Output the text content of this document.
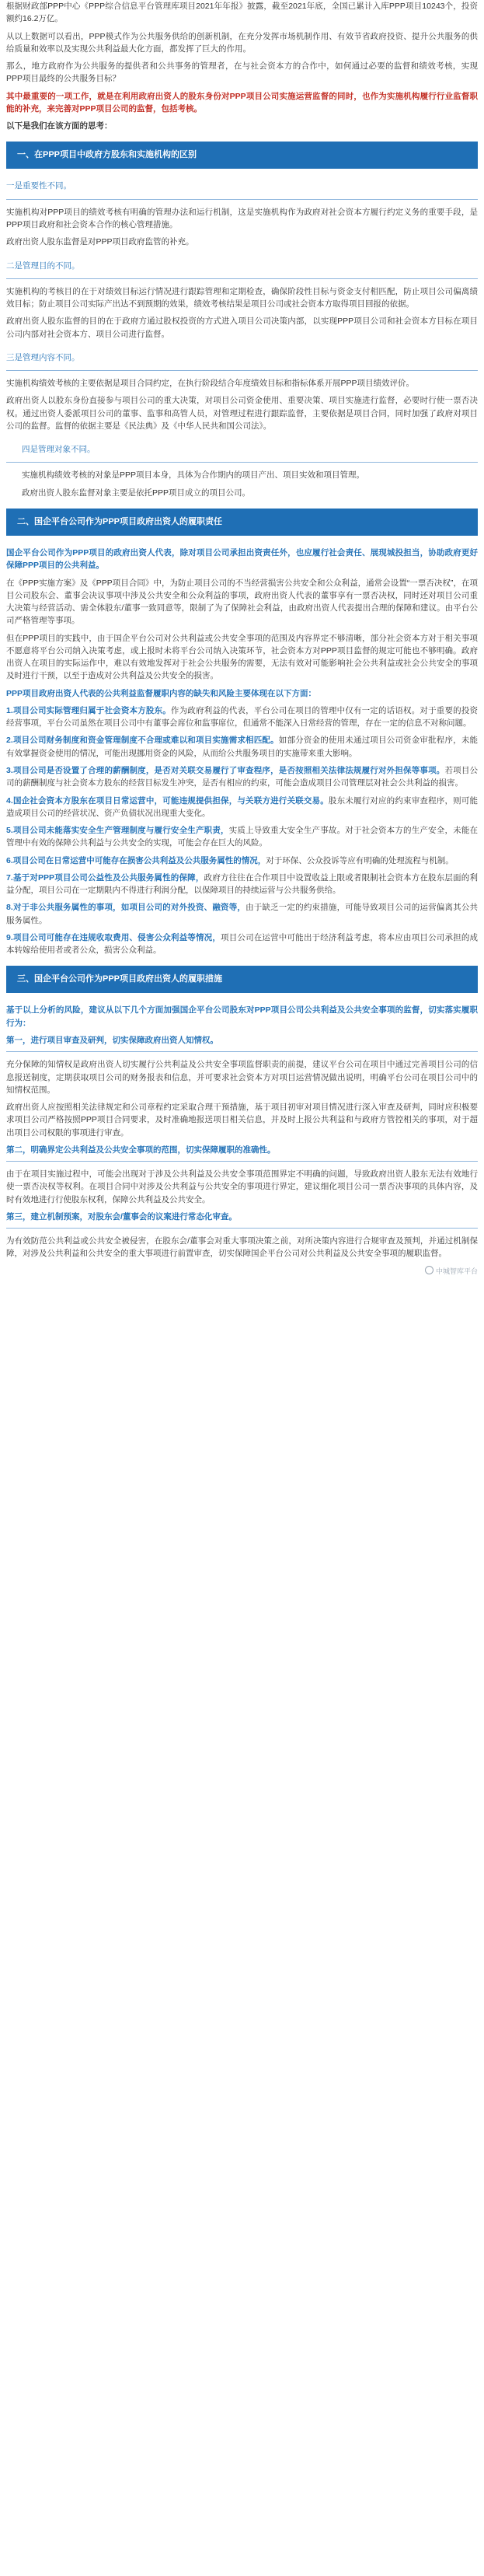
根据财政部PPP中心《PPP综合信息平台管理库项目2021年年报》披露，截至2021年底，全国已累计入库PPP项目10243个，投资额约16.2万亿。

从以上数据可以看出，PPP模式作为公共服务供给的创新机制，在充分发挥市场机制作用、有效节省政府投资、提升公共服务的供给质量和效率以及实现公共利益最大化方面，都发挥了巨大的作用。

那么，地方政府作为公共服务的提供者和公共事务的管理者，在与社会资本方的合作中，如何通过必要的监督和绩效考核，实现PPP项目最终的公共服务目标？

其中最重要的一项工作，就是在利用政府出资人的股东身份对PPP项目公司实施运营监督的同时，也作为实施机构履行行业监督职能的补充，来完善对PPP项目公司的监督，包括考核。

以下是我们在该方面的思考：

一、在PPP项目中政府方股东和实施机构的区别
一是重要性不同。

实施机构对PPP项目的绩效考核有明确的管理办法和运行机制，这是实施机构作为政府对社会资本方履行约定义务的重要手段，是PPP项目政府和社会资本合作的核心管理措施。

政府出资人股东监督是对PPP项目政府监管的补充。

二是管理目的不同。

实施机构的考核目的在于对绩效目标运行情况进行跟踪管理和定期检查，确保阶段性目标与资金支付相匹配，防止项目公司偏离绩效目标；防止项目公司实际产出达不到预期的效果，绩效考核结果是项目公司或社会资本方取得项目回报的依据。

政府出资人股东监督的目的在于政府方通过股权投资的方式进入项目公司决策内部，以实现PPP项目公司和社会资本方目标在项目公司内部对社会资本方、项目公司进行监督。

三是管理内容不同。

实施机构绩效考核的主要依据是项目合同约定，在执行阶段结合年度绩效目标和指标体系开展PPP项目绩效评价。

政府出资人以股东身份直接参与项目公司的重大决策，对项目公司资金使用、重要决策、项目实施进行监督，必要时行使一票否决权。通过出资人委派项目公司的董事、监事和高管人员，对管理过程进行跟踪监督，主要依据是项目合同，同时加强了政府对项目公司的监督。监督的依据主要是《民法典》及《中华人民共和国公司法》。

四是管理对象不同。

实施机构绩效考核的对象是PPP项目本身，具体为合作期内的项目产出、项目实效和项目管理。

政府出资人股东监督对象主要是依托PPP项目成立的项目公司。

二、国企平台公司作为PPP项目政府出资人的履职责任

国企平台公司作为PPP项目的政府出资人代表，除对项目公司承担出资责任外，也应履行社会责任、展现城投担当，协助政府更好保障PPP项目的公共利益。

在《PPP实施方案》及《PPP项目合同》中，为防止项目公司的不当经营损害公共安全和公众利益，通常会设置“一票否决权”，在项目公司股东会、董事会决议事项中涉及公共安全和公众利益的事项，政府出资人代表的董事享有一票否决权，同时还对项目公司重大决策与经营活动、需全体股东/董事一致同意等，限制了为了保障社会利益，由政府出资人代表提出合理的保障和建议。由平台公司严格管理等事项。

但在PPP项目的实践中，由于国企平台公司对公共利益或公共安全事项的范围及内容界定不够清晰，部分社会资本方对于相关事项不愿意将平台公司纳入决策考虑，或上报时未将平台公司纳入决策环节，社会资本方对PPP项目监督的规定可能也不够明确。政府出资人在项目的实际运作中，难以有效地发挥对于社会公共服务的需要，无法有效对可能影响社会公共利益或社会公共安全的事项及时进行干预，以至于造成对公共利益及公共安全的损害。

PPP项目政府出资人代表的公共利益监督履职内容的缺失和风险主要体现在以下方面：

1.项目公司实际管理归属于社会资本方股东。作为政府利益的代表，平台公司在项目的管理中仅有一定的话语权。对于重要的投资经营事项，平台公司虽然在项目公司中有董事会席位和监事席位，但通常不能深入日常经营的管理，存在一定的信息不对称问题。

2.项目公司财务制度和资金管理制度不合理或难以和项目实施需求相匹配。如部分资金的使用未通过项目公司资金审批程序，未能有效掌握资金使用的情况，可能出现挪用资金的风险，从而给公共服务项目的实施带来重大影响。

3.项目公司是否设置了合理的薪酬制度，是否对关联交易履行了审查程序，是否按照相关法律法规履行对外担保等事项。若项目公司的薪酬制度与社会资本方股东的经营目标发生冲突，是否有相应的约束，可能会造成项目公司管理层对社会公共利益的损害。

4.国企社会资本方股东在项目日常运营中，可能违规提供担保，与关联方进行关联交易。股东未履行对应的约束审查程序，则可能造成项目公司的经营状况、资产负债状况出现重大变化。

5.项目公司未能落实安全生产管理制度与履行安全生产职责，实质上导致重大安全生产事故。对于社会资本方的生产安全，未能在管理中有效的保障公共利益与公共安全的实现，可能会存在巨大的风险。

6.项目公司在日常运营中可能存在损害公共利益及公共服务属性的情况，对于环保、公众投诉等应有明确的处理流程与机制。

7.基于对PPP项目公司公益性及公共服务属性的保障，政府方往往在合作项目中设置收益上限或者限制社会资本方在股东层面的利益分配，项目公司在一定期限内不得进行利润分配，以保障项目的持续运营与公共服务供给。

8.对于非公共服务属性的事项，如项目公司的对外投资、融资等，由于缺乏一定的约束措施，可能导致项目公司的运营偏离其公共服务属性。

9.项目公司可能存在违规收取费用、侵害公众利益等情况，项目公司在运营中可能出于经济利益考虑，将本应由项目公司承担的成本转嫁给使用者或者公众，损害公众利益。

三、国企平台公司作为PPP项目政府出资人的履职措施

基于以上分析的风险，建议从以下几个方面加强国企平台公司股东对PPP项目公司公共利益及公共安全事项的监督，切实落实履职行为：

第一，进行项目审查及研判，切实保障政府出资人知情权。

充分保障的知情权是政府出资人切实履行公共利益及公共安全事项监督职责的前提，建议平台公司在项目中通过完善项目公司的信息报送制度，定期获取项目公司的财务报表和信息，并可要求社会资本方对项目运营情况做出说明，明确平台公司在项目公司中的知情权范围。

政府出资人应按照相关法律规定和公司章程约定采取合理干预措施，基于项目初审对项目情况进行深入审查及研判，同时应积极要求项目公司严格按照PPP项目合同要求，及时准确地报送项目相关信息，并及时上报公共利益和与政府方管控相关的事项，对于超出项目公司权限的事项进行审查。

第二，明确界定公共利益及公共安全事项的范围，切实保障履职的准确性。

由于在项目实施过程中，可能会出现对于涉及公共利益及公共安全事项范围界定不明确的问题，导致政府出资人股东无法有效地行使一票否决权等权利。在项目合同中对涉及公共利益与公共安全的事项进行界定，建议细化项目公司一票否决事项的具体内容，及时有效地进行行使股东权利，保障公共利益及公共安全。

第三，建立机制预案，对股东会/董事会的议案进行常态化审查。

为有效防范公共利益或公共安全被侵害，在股东会/董事会对重大事项决策之前，对所决策内容进行合规审查及预判，并通过机制保障，对涉及公共利益和公共安全的重大事项进行前置审查，切实保障国企平台公司对公共利益及公共安全事项的履职监督。

中城智库平台
